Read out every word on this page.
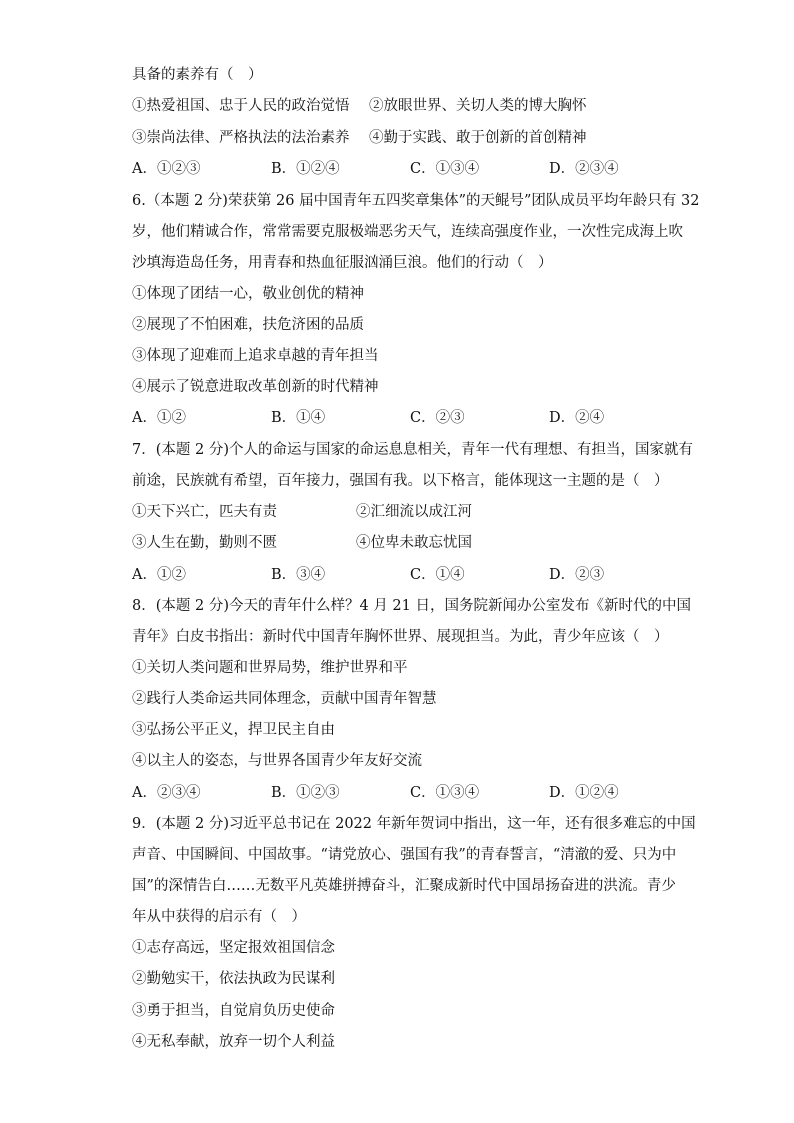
具备的素养有（　）
①热爱祖国、忠于人民的政治觉悟 ②放眼世界、关切人类的博大胸怀
③崇尚法律、严格执法的法治素养 ④勤于实践、敢于创新的首创精神
A．①②③	B．①②④	C．①③④	D．②③④
6.（本题 2 分)荣获第 26 届中国青年五四奖章集体”的天鲲号”团队成员平均年龄只有 32
岁，他们精诚合作，常常需要克服极端恶劣天气，连续高强度作业，一次性完成海上吹
沙填海造岛任务，用青春和热血征服汹涌巨浪。他们的行动（　）
①体现了团结一心，敬业创优的精神
②展现了不怕困难，扶危济困的品质
③体现了迎难而上追求卓越的青年担当
④展示了锐意进取改革创新的时代精神
A．①②	B．①④	C．②③	D．②④
7．(本题 2 分)个人的命运与国家的命运息息相关，青年一代有理想、有担当，国家就有
前途，民族就有希望，百年接力，强国有我。以下格言，能体现这一主题的是（　）
①天下兴亡，匹夫有责	②汇细流以成江河
③人生在勤，勤则不匮	④位卑未敢忘忧国
A．①②	B．③④	C．①④	D．②③
8．(本题 2 分)今天的青年什么样？4 月 21 日，国务院新闻办公室发布《新时代的中国
青年》白皮书指出：新时代中国青年胸怀世界、展现担当。为此，青少年应该（　）
①关切人类问题和世界局势，维护世界和平
②践行人类命运共同体理念，贡献中国青年智慧
③弘扬公平正义，捍卫民主自由
④以主人的姿态，与世界各国青少年友好交流
A．②③④	B．①②③	C．①③④	D．①②④
9．(本题 2 分)习近平总书记在 2022 年新年贺词中指出，这一年，还有很多难忘的中国
声音、中国瞬间、中国故事。“请党放心、强国有我”的青春誓言，“清澈的爱、只为中
国”的深情告白……无数平凡英雄拼搏奋斗，汇聚成新时代中国昂扬奋进的洪流。青少
年从中获得的启示有（　）
①志存高远，坚定报效祖国信念
②勤勉实干，依法执政为民谋利
③勇于担当，自觉肩负历史使命
④无私奉献，放弃一切个人利益
